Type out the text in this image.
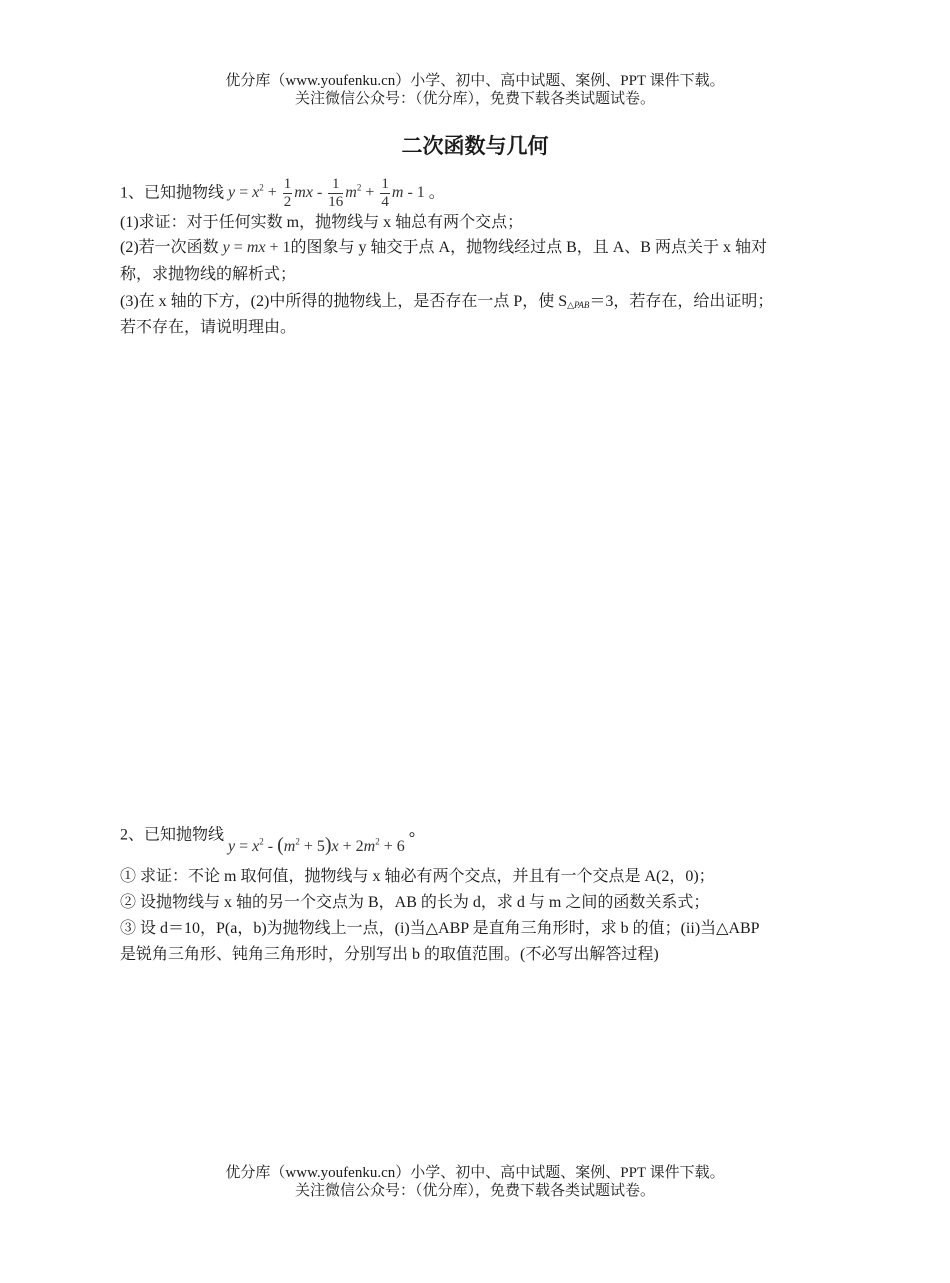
优分库（www.youfenku.cn）小学、初中、高中试题、案例、PPT 课件下载。
关注微信公众号：（优分库），免费下载各类试题试卷。
二次函数与几何
1、已知抛物线 $y = x^2 + \frac{1}{2}$ mx - $\frac{1}{16} m^2 + \frac{1}{4}$ m - 1 。
(1)求证：对于任何实数 m，抛物线与 x 轴总有两个交点；
(2)若一次函数 y = mx + 1的图象与 y 轴交于点 A，抛物线经过点 B，且 A、B 两点关于 x 轴对
称，求抛物线的解析式；
(3)在 x 轴的下方，(2)中所得的抛物线上，是否存在一点 P，使 $S_{\triangle PAB}=3$，若存在，给出证明；
若不存在，请说明理由。
2、已知抛物线 $y = x^2 - (m^2 + 5)x + 2m^2 + 6$ °
① 求证：不论 m 取何值，抛物线与 x 轴必有两个交点，并且有一个交点是 A(2，0)；
② 设抛物线与 x 轴的另一个交点为 B，AB 的长为 d，求 d 与 m 之间的函数关系式；
③ 设 d＝10，P(a，b)为抛物线上一点，(i)当△ABP 是直角三角形时，求 b 的值；(ii)当△ABP
是锐角三角形、钝角三角形时，分别写出 b 的取值范围。(不必写出解答过程)
优分库（www.youfenku.cn）小学、初中、高中试题、案例、PPT 课件下载。
关注微信公众号：（优分库），免费下载各类试题试卷。
